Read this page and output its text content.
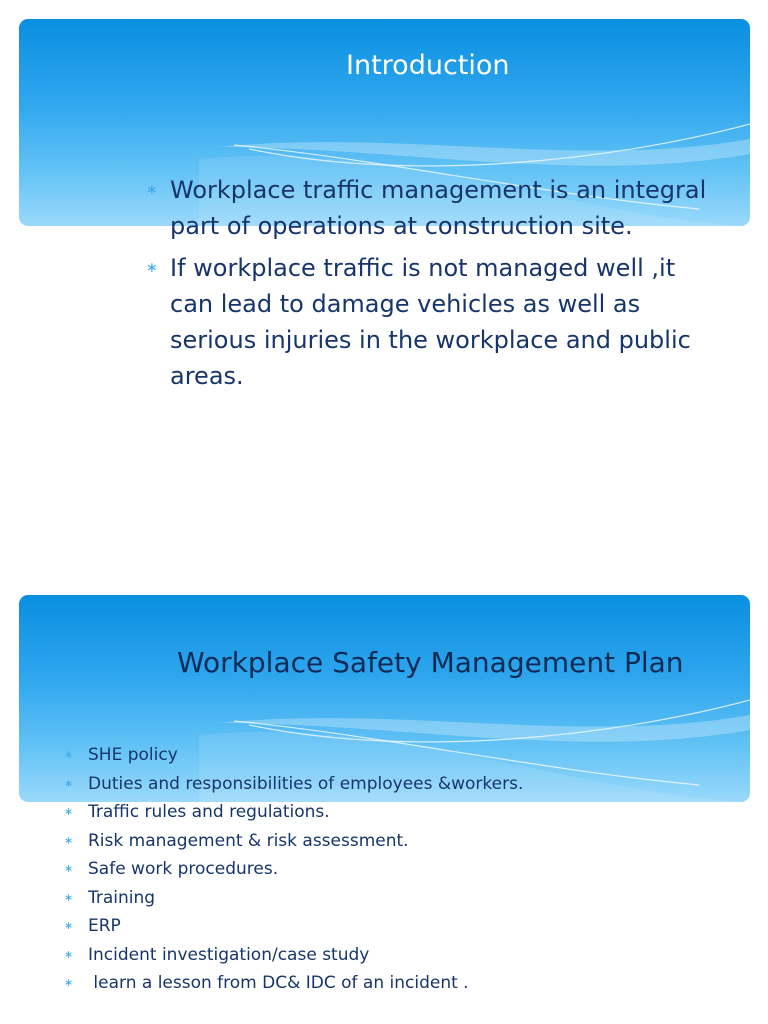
Introduction
∗ Workplace traffic management is an integral part of operations at construction site.
∗ If workplace traffic is not managed well ,it can lead to damage vehicles as well as serious injuries in the workplace and public areas.
Workplace Safety Management Plan
∗ SHE policy
∗ Duties and responsibilities of employees &workers.
∗ Traffic rules and regulations.
∗ Risk management & risk assessment.
∗ Safe work procedures.
∗ Training
∗ ERP
∗ Incident investigation/case study
∗ learn a lesson from DC& IDC of an incident .
